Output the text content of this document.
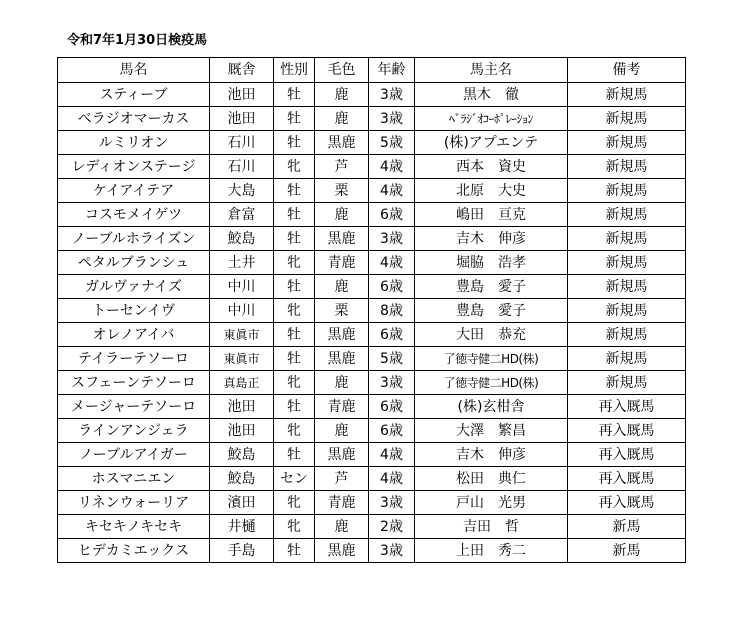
令和7年1月30日検疫馬
馬名	厩舎	性別	毛色	年齢	馬主名	備考
スティーブ	池田	牡	鹿	3歳	黒木　徹	新規馬
ベラジオマーカス	池田	牡	鹿	3歳	ﾍﾞﾗｼﾞｵｺｰﾎﾟﾚｰｼｮﾝ	新規馬
ルミリオン	石川	牡	黒鹿	5歳	(株)アプエンテ	新規馬
レディオンステージ	石川	牝	芦	4歳	西本　資史	新規馬
ケイアイテア	大島	牡	栗	4歳	北原　大史	新規馬
コスモメイゲツ	倉富	牡	鹿	6歳	嶋田　亘克	新規馬
ノーブルホライズン	鮫島	牡	黒鹿	3歳	吉木　伸彦	新規馬
ペタルブランシュ	土井	牝	青鹿	4歳	堀脇　浩孝	新規馬
ガルヴァナイズ	中川	牡	鹿	6歳	豊島　愛子	新規馬
トーセンイヴ	中川	牝	栗	8歳	豊島　愛子	新規馬
オレノアイバ	東眞市	牡	黒鹿	6歳	大田　恭充	新規馬
テイラーテソーロ	東眞市	牡	黒鹿	5歳	了徳寺健二HD(株)	新規馬
スフェーンテソーロ	真島正	牝	鹿	3歳	了徳寺健二HD(株)	新規馬
メージャーテソーロ	池田	牡	青鹿	6歳	(株)玄柑舎	再入厩馬
ラインアンジェラ	池田	牝	鹿	6歳	大澤　繁昌	再入厩馬
ノーブルアイガー	鮫島	牡	黒鹿	4歳	吉木　伸彦	再入厩馬
ホスマニエン	鮫島	セン	芦	4歳	松田　典仁	再入厩馬
リネンウォーリア	濱田	牝	青鹿	3歳	戸山　光男	再入厩馬
キセキノキセキ	井樋	牝	鹿	2歳	吉田　哲	新馬
ヒデカミエックス	手島	牡	黒鹿	3歳	上田　秀二	新馬
